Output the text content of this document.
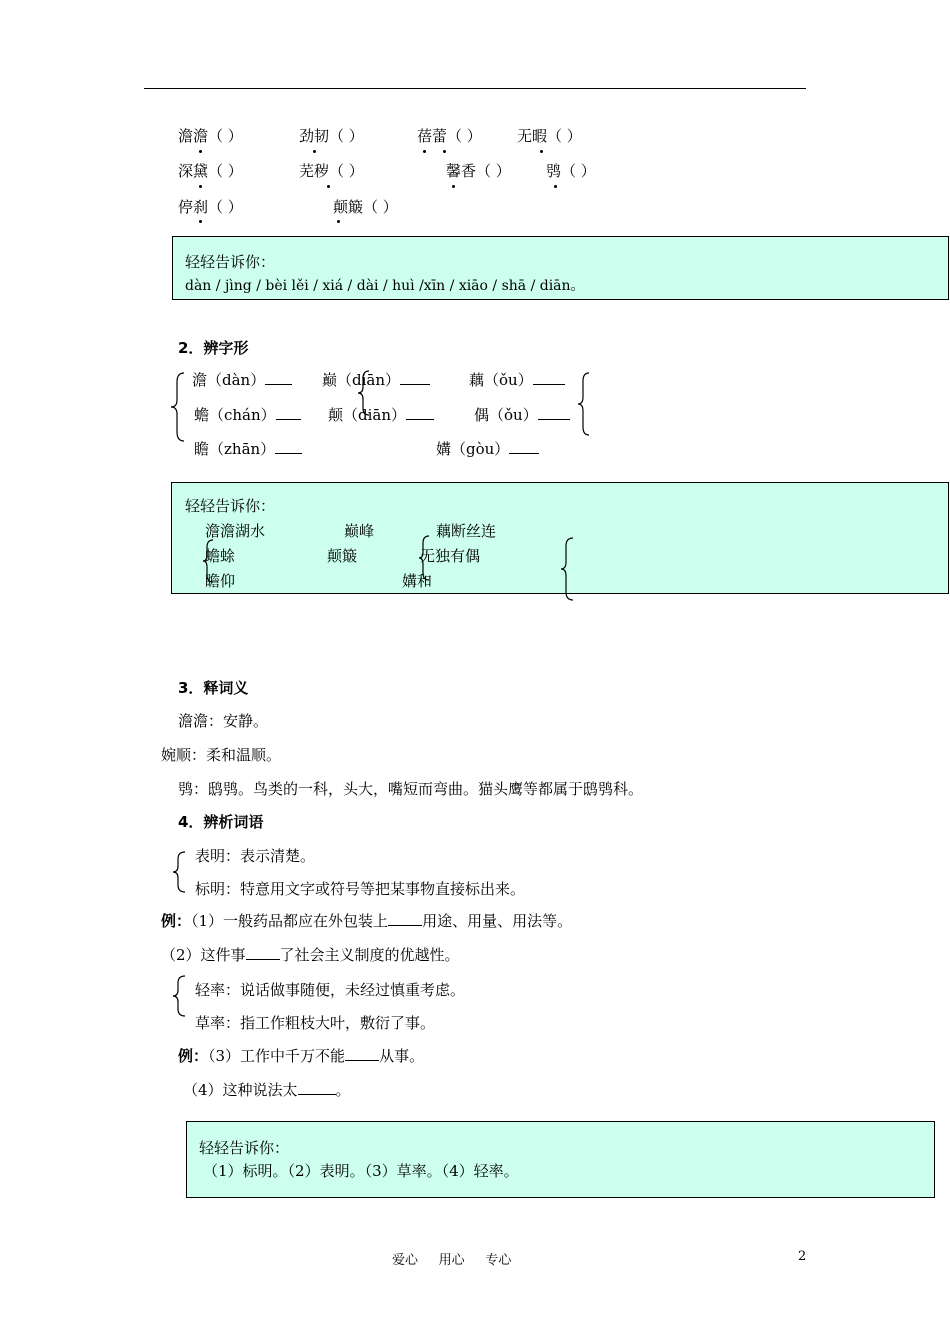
澹澹（ ）	劲韧（ ）	蓓蕾（ ） 无暇（ ）
深黛（ ）	芜秽（ ）	馨香（ ） 鸮（ ）
停刹（ ）	颠簸（ ）
轻轻告诉你：
dàn / jìng / bèi lěi / xiá / dài / huì /xīn / xiāo / shā / diān。
2．辨字形
澹（dàn）	巅（diān）	藕（ǒu）
蟾（chán）	颠（diān）	偶（ǒu）
瞻（zhān）	媾（gòu）
轻轻告诉你：
澹澹湖水	巅峰	藕断丝连
蟾蜍	颠簸	无独有偶
瞻仰	媾和
3．释词义
澹澹：安静。
婉顺：柔和温顺。
鸮：鸱鸮。鸟类的一科，头大，嘴短而弯曲。猫头鹰等都属于鸱鸮科。
4．辨析词语
表明：表示清楚。
标明：特意用文字或符号等把某事物直接标出来。
例：（1）一般药品都应在外包装上 用途、用量、用法等。
（2）这件事 了社会主义制度的优越性。
轻率：说话做事随便，未经过慎重考虑。
草率：指工作粗枝大叶，敷衍了事。
例：（3）工作中千万不能 从事。
（4）这种说法太	。
轻轻告诉你：
（1）标明。（2）表明。（3）草率。（4）轻率。
爱心     用心     专心	2
